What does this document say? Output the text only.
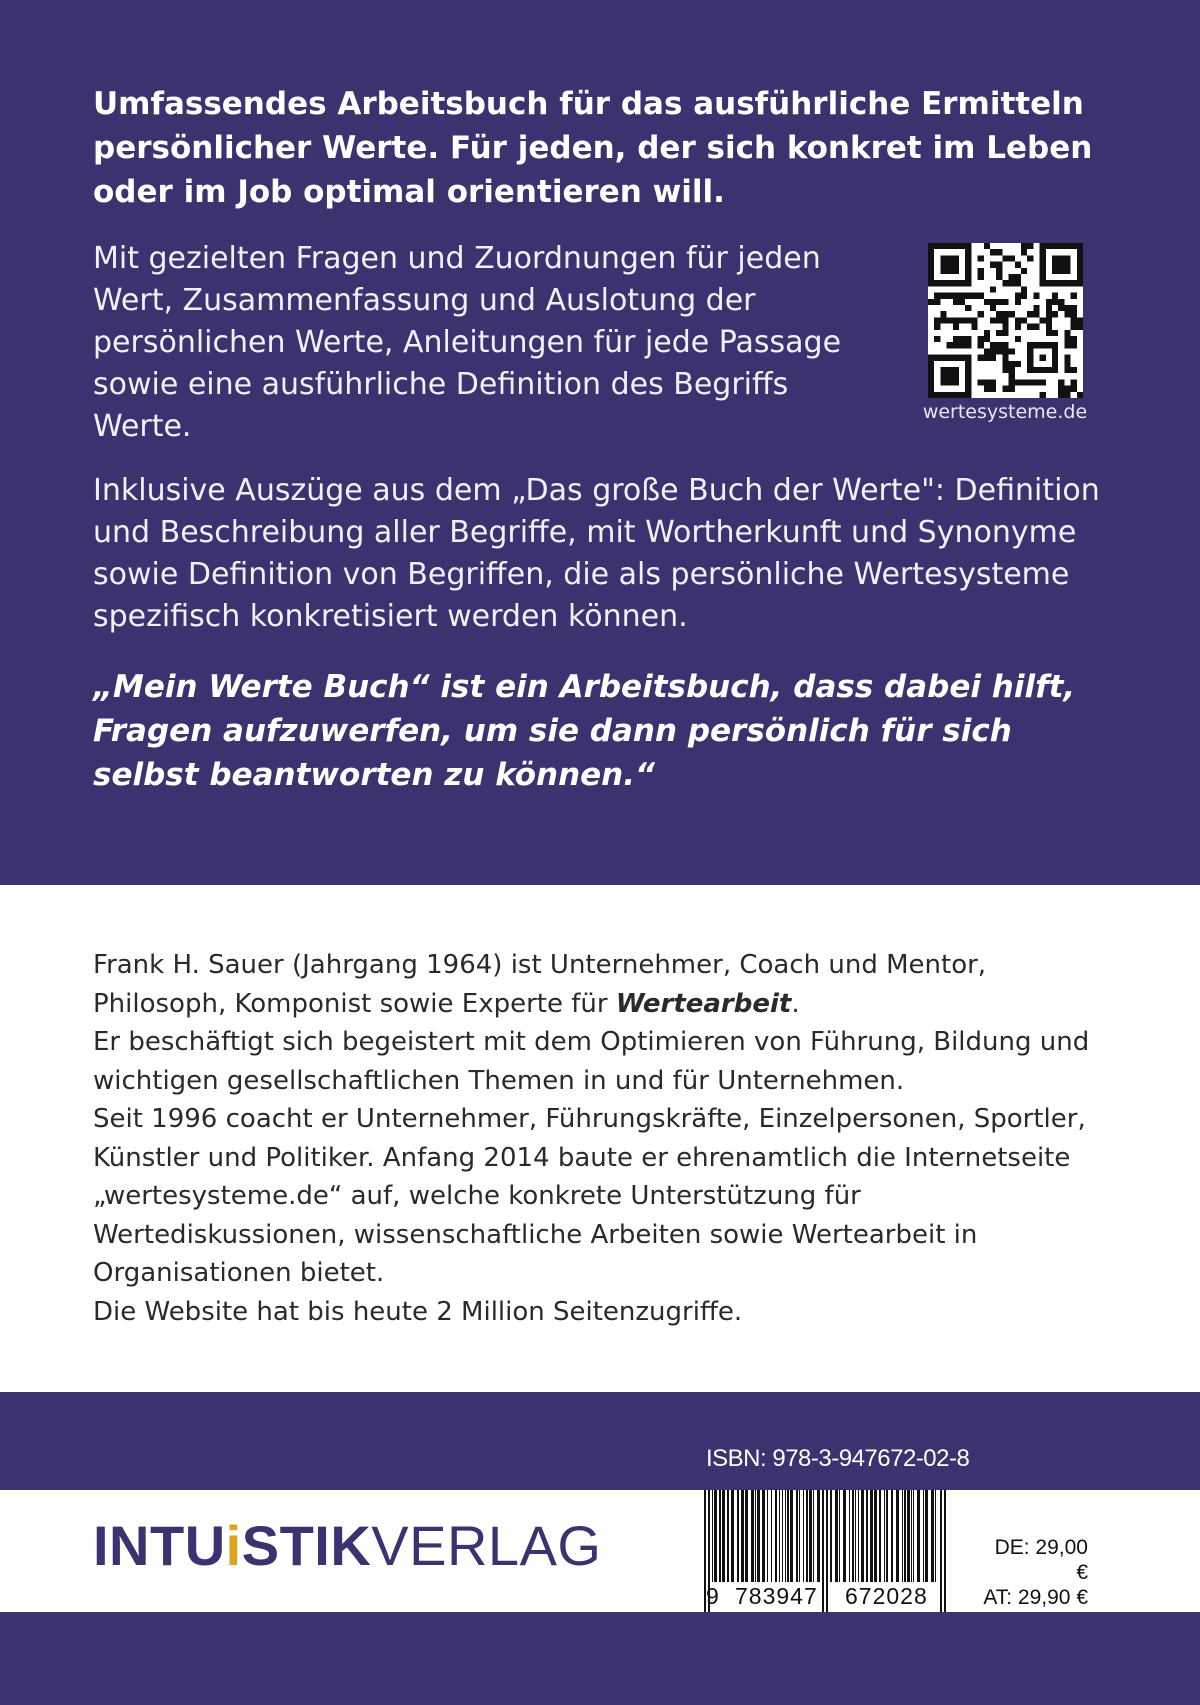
Umfassendes Arbeitsbuch für das ausführliche Ermitteln persönlicher Werte. Für jeden, der sich konkret im Leben oder im Job optimal orientieren will.

Mit gezielten Fragen und Zuordnungen für jeden Wert, Zusammenfassung und Auslotung der persönlichen Werte, Anleitungen für jede Passage sowie eine ausführliche Definition des Begriffs Werte.	wertesysteme.de

Inklusive Auszüge aus dem „Das große Buch der Werte": Definition und Beschreibung aller Begriffe, mit Wortherkunft und Synonyme sowie Definition von Begriffen, die als persönliche Wertesysteme spezifisch konkretisiert werden können.

„Mein Werte Buch“ ist ein Arbeitsbuch, dass dabei hilft, Fragen aufzuwerfen, um sie dann persönlich für sich selbst beantworten zu können.“

Frank H. Sauer (Jahrgang 1964) ist Unternehmer, Coach und Mentor,
Philosoph, Komponist sowie Experte für Wertearbeit.
Er beschäftigt sich begeistert mit dem Optimieren von Führung, Bildung und
wichtigen gesellschaftlichen Themen in und für Unternehmen.
Seit 1996 coacht er Unternehmer, Führungskräfte, Einzelpersonen, Sportler,
Künstler und Politiker. Anfang 2014 baute er ehrenamtlich die Internetseite
„wertesysteme.de“ auf, welche konkrete Unterstützung für
Wertediskussionen, wissenschaftliche Arbeiten sowie Wertearbeit in
Organisationen bietet.
Die Website hat bis heute 2 Million Seitenzugriffe.
ISBN: 978-3-947672-02-8
INTUiSTIKVERLAG
9 783947 672028
DE: 29,00 €
AT: 29,90 €
